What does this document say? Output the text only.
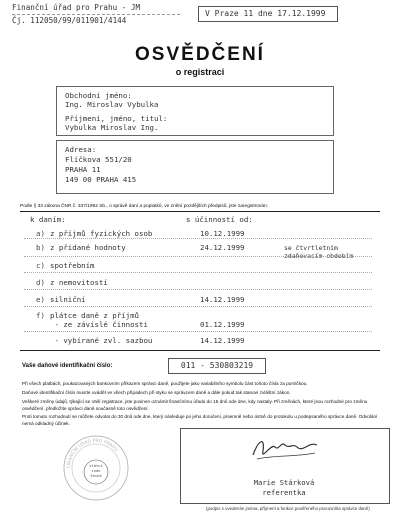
Finanční úřad pro Prahu - JM
Čj. 112050/99/011901/4144
V Praze 11 dne 17.12.1999
OSVĚDČENÍ
o registraci
Obchodní jméno:
Ing. Miroslav Vybulka
Příjmení, jméno, titul:
Vybulka Miroslav Ing.
Adresa:
Flíčkova 551/20
PRAHA 11
149 00 PRAHA 415
Podle § 33 zákona ČNR č. 337/1992 Sb., o správě daní a poplatků, ve znění pozdějších předpisů, jste zaregistrován:
k daním:	s účinností od:
a) z příjmů fyzických osob	10.12.1999
b) z přidané hodnoty	24.12.1999	se čtvrtletním
zdaňovacím obdobím
c) spotřebním
d) z nemovitostí
e) silniční	14.12.1999
f) plátce daně z příjmů
- ze závislé činnosti	01.12.1999
- vybírané zvl. sazbou	14.12.1999
Vaše daňové identifikační číslo:	011 - 530803219
Při všech platbách, poukazovaných bankovním příkazem správci daně, použijete jako variabilního symbolu část tohoto čísla za pomlčkou.
Daňové identifikační číslo musíte uvádět ve všech případech při styku se správcem daně a dále pokud tak stanoví zvláštní zákon.
Veškeré změny údajů, týkající se Vaší registrace, jste povinen oznámit finančnímu úřadu do 15 dnů ode dne, kdy nastaly. Při změnách, které jsou rozhodné pro změnu osvědčení, předložíte správci daně současně toto osvědčení.
Proti tomuto rozhodnutí se můžete odvolat do 30 dnů ode dne, který následuje po jeho doručení, písemně nebo ústně do protokolu u podepsaného správce daně. Odvolání nemá odkladný účinek.
FINANČNÍ ÚŘAD PRO PRAHU
státní
znak
česká
Marie Stárková
referentka
(podpis s uvedením jména, příjmení a funkce pověřeného pracovníka správce daně)
